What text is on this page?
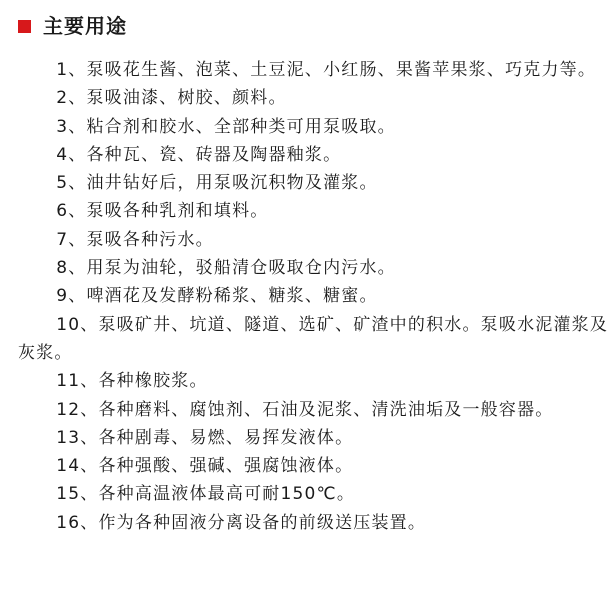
主要用途
1、泵吸花生酱、泡菜、土豆泥、小红肠、果酱苹果浆、巧克力等。
2、泵吸油漆、树胶、颜料。
3、粘合剂和胶水、全部种类可用泵吸取。
4、各种瓦、瓷、砖器及陶器釉浆。
5、油井钻好后，用泵吸沉积物及灌浆。
6、泵吸各种乳剂和填料。
7、泵吸各种污水。
8、用泵为油轮，驳船清仓吸取仓内污水。
9、啤酒花及发酵粉稀浆、糖浆、糖蜜。
10、泵吸矿井、坑道、隧道、选矿、矿渣中的积水。泵吸水泥灌浆及灰浆。
11、各种橡胶浆。
12、各种磨料、腐蚀剂、石油及泥浆、清洗油垢及一般容器。
13、各种剧毒、易燃、易挥发液体。
14、各种强酸、强碱、强腐蚀液体。
15、各种高温液体最高可耐150℃。
16、作为各种固液分离设备的前级送压装置。
